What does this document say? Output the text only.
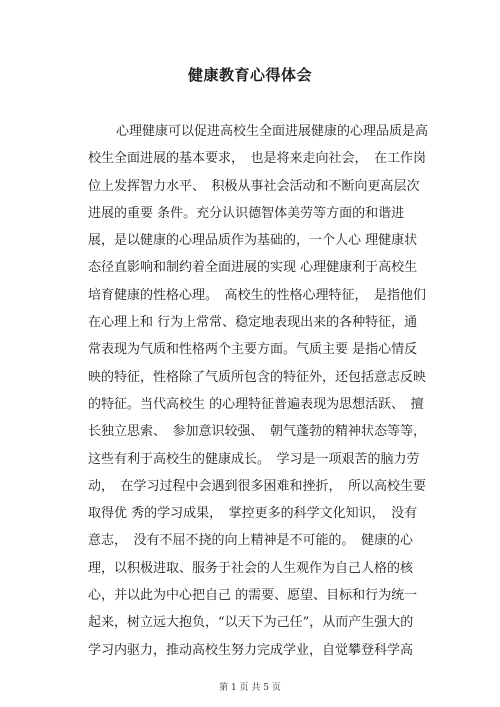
健康教育心得体会
心理健康可以促进高校生全面进展健康的心理品质是高
校生全面进展的基本要求，　也是将来走向社会，　在工作岗
位上发挥智力水平、　积极从事社会活动和不断向更高层次
进展的重要 条件。充分认识德智体美劳等方面的和谐进
展，是以健康的心理品质作为基础的，一个人心 理健康状
态径直影响和制约着全面进展的实现 心理健康利于高校生
培育健康的性格心理。　高校生的性格心理特征，　是指他们
在心理上和 行为上常常、稳定地表现出来的各种特征，通
常表现为气质和性格两个主要方面。气质主要 是指心情反
映的特征，性格除了气质所包含的特征外，还包括意志反映
的特征。当代高校生 的心理特征普遍表现为思想活跃、　擅
长独立思索、　参加意识较强、　朝气蓬勃的精神状态等等，
这些有利于高校生的健康成长。　学习是一项艰苦的脑力劳
动，　在学习过程中会遇到很多困难和挫折，　所以高校生要
取得优 秀的学习成果，　掌控更多的科学文化知识，　没有
意志，　没有不屈不挠的向上精神是不可能的。　健康的心
理，以积极进取、服务于社会的人生观作为自己人格的核
心，并以此为中心把自己 的需要、愿望、目标和行为统一
起来，树立远大抱负，“以天下为己任”，从而产生强大的
学习内驱力，推动高校生努力完成学业，自觉攀登科学高
第 1 页 共 5 页
